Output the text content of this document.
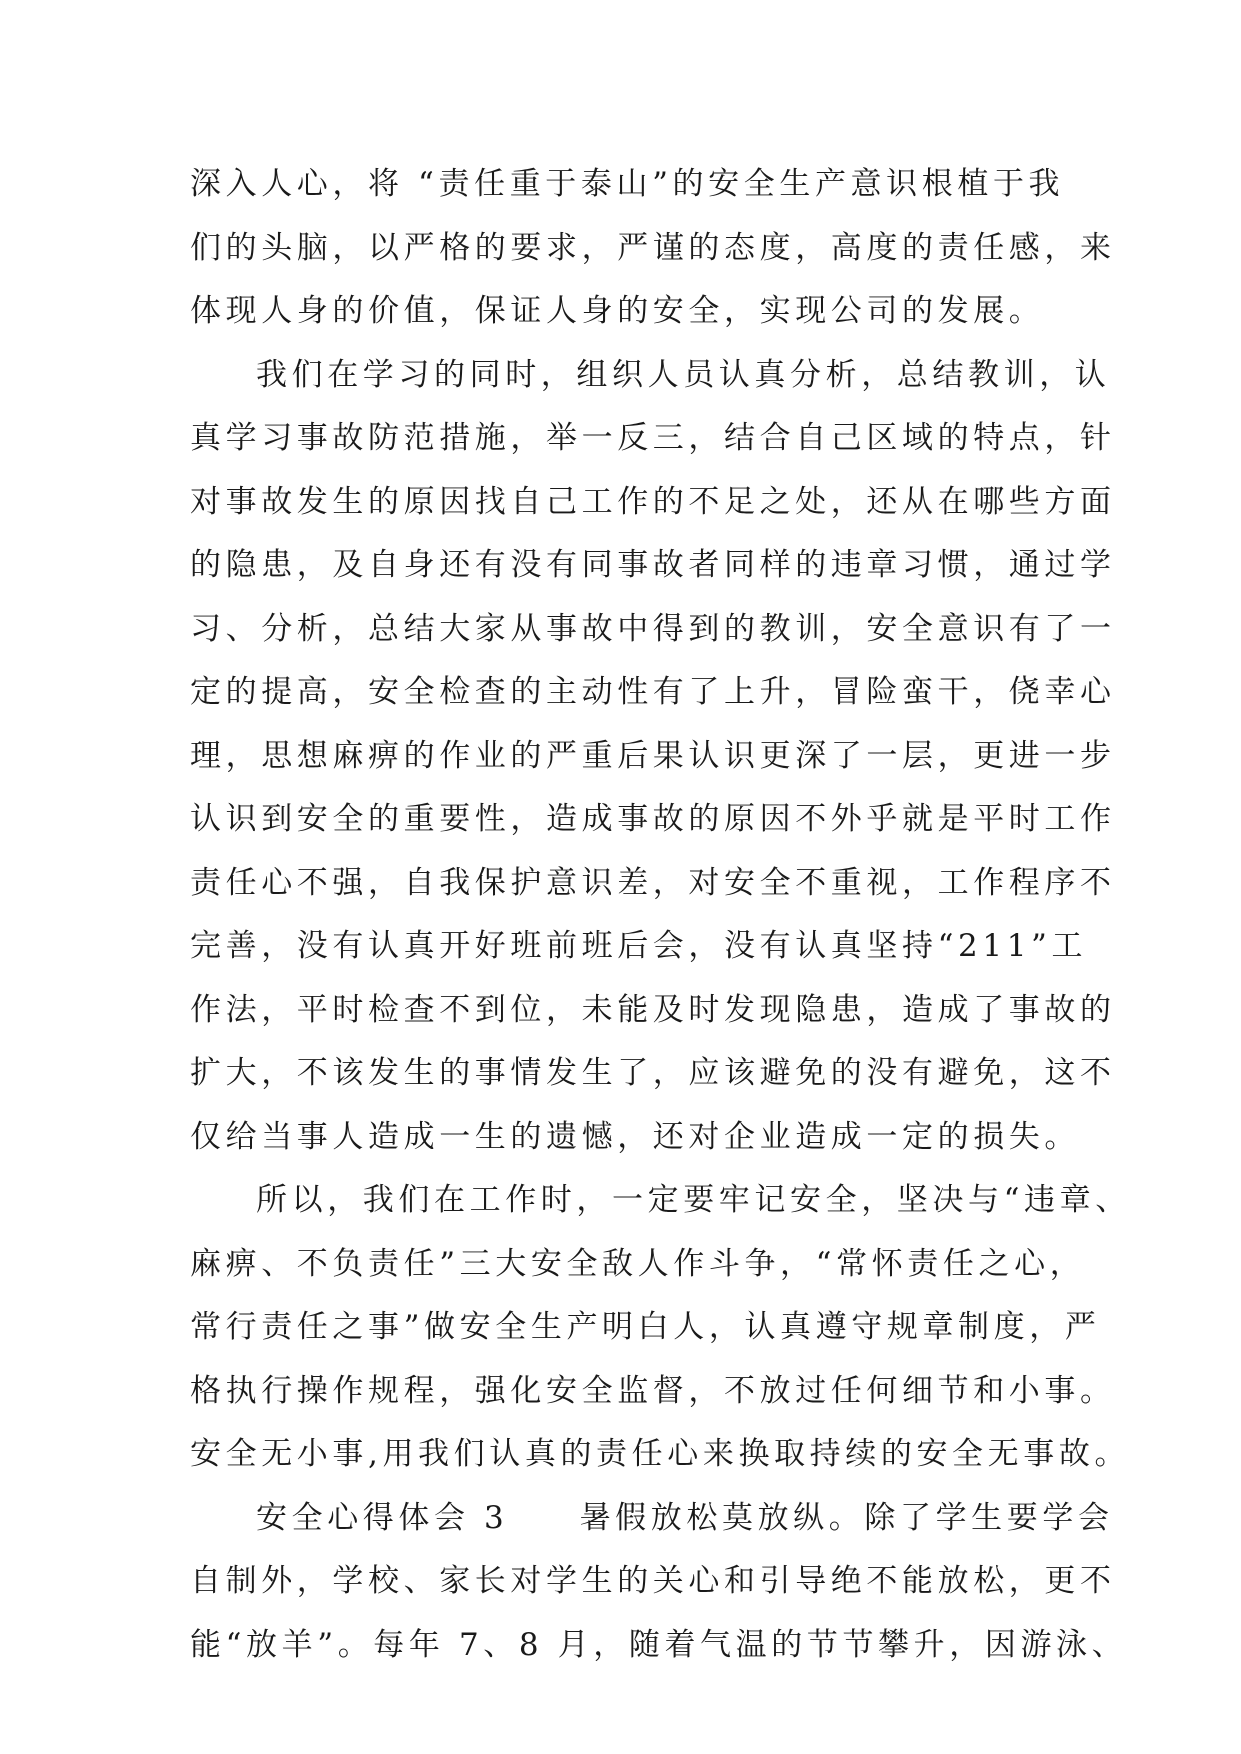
深入人心，将 “责任重于泰山”的安全生产意识根植于我
们的头脑，以严格的要求，严谨的态度，高度的责任感，来
体现人身的价值，保证人身的安全，实现公司的发展。
我们在学习的同时，组织人员认真分析，总结教训，认
真学习事故防范措施，举一反三，结合自己区域的特点，针
对事故发生的原因找自己工作的不足之处，还从在哪些方面
的隐患，及自身还有没有同事故者同样的违章习惯，通过学
习、分析，总结大家从事故中得到的教训，安全意识有了一
定的提高，安全检查的主动性有了上升，冒险蛮干，侥幸心
理，思想麻痹的作业的严重后果认识更深了一层，更进一步
认识到安全的重要性，造成事故的原因不外乎就是平时工作
责任心不强，自我保护意识差，对安全不重视，工作程序不
完善，没有认真开好班前班后会，没有认真坚持“211”工
作法，平时检查不到位，未能及时发现隐患，造成了事故的
扩大，不该发生的事情发生了，应该避免的没有避免，这不
仅给当事人造成一生的遗憾，还对企业造成一定的损失。
所以，我们在工作时，一定要牢记安全，坚决与“违章、
麻痹、不负责任”三大安全敌人作斗争，“常怀责任之心，
常行责任之事”做安全生产明白人，认真遵守规章制度，严
格执行操作规程，强化安全监督，不放过任何细节和小事。
安全无小事,用我们认真的责任心来换取持续的安全无事故。
安全心得体会 3　　暑假放松莫放纵。除了学生要学会
自制外，学校、家长对学生的关心和引导绝不能放松，更不
能“放羊”。每年 7、8 月，随着气温的节节攀升，因游泳、
